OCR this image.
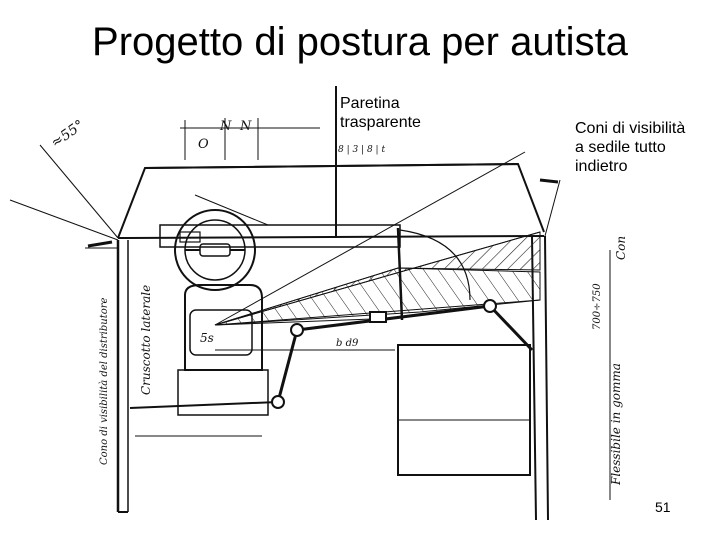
Progetto di postura per autista
≈55°	N N
O
5s
Cruscotto laterale
Cono di visibilità del distributore	Flessibile in gomma
Con
700÷750
b d9
8 | 3 | 8 | t
Paretina trasparente	Coni di visibilità a sedile tutto indietro
51
